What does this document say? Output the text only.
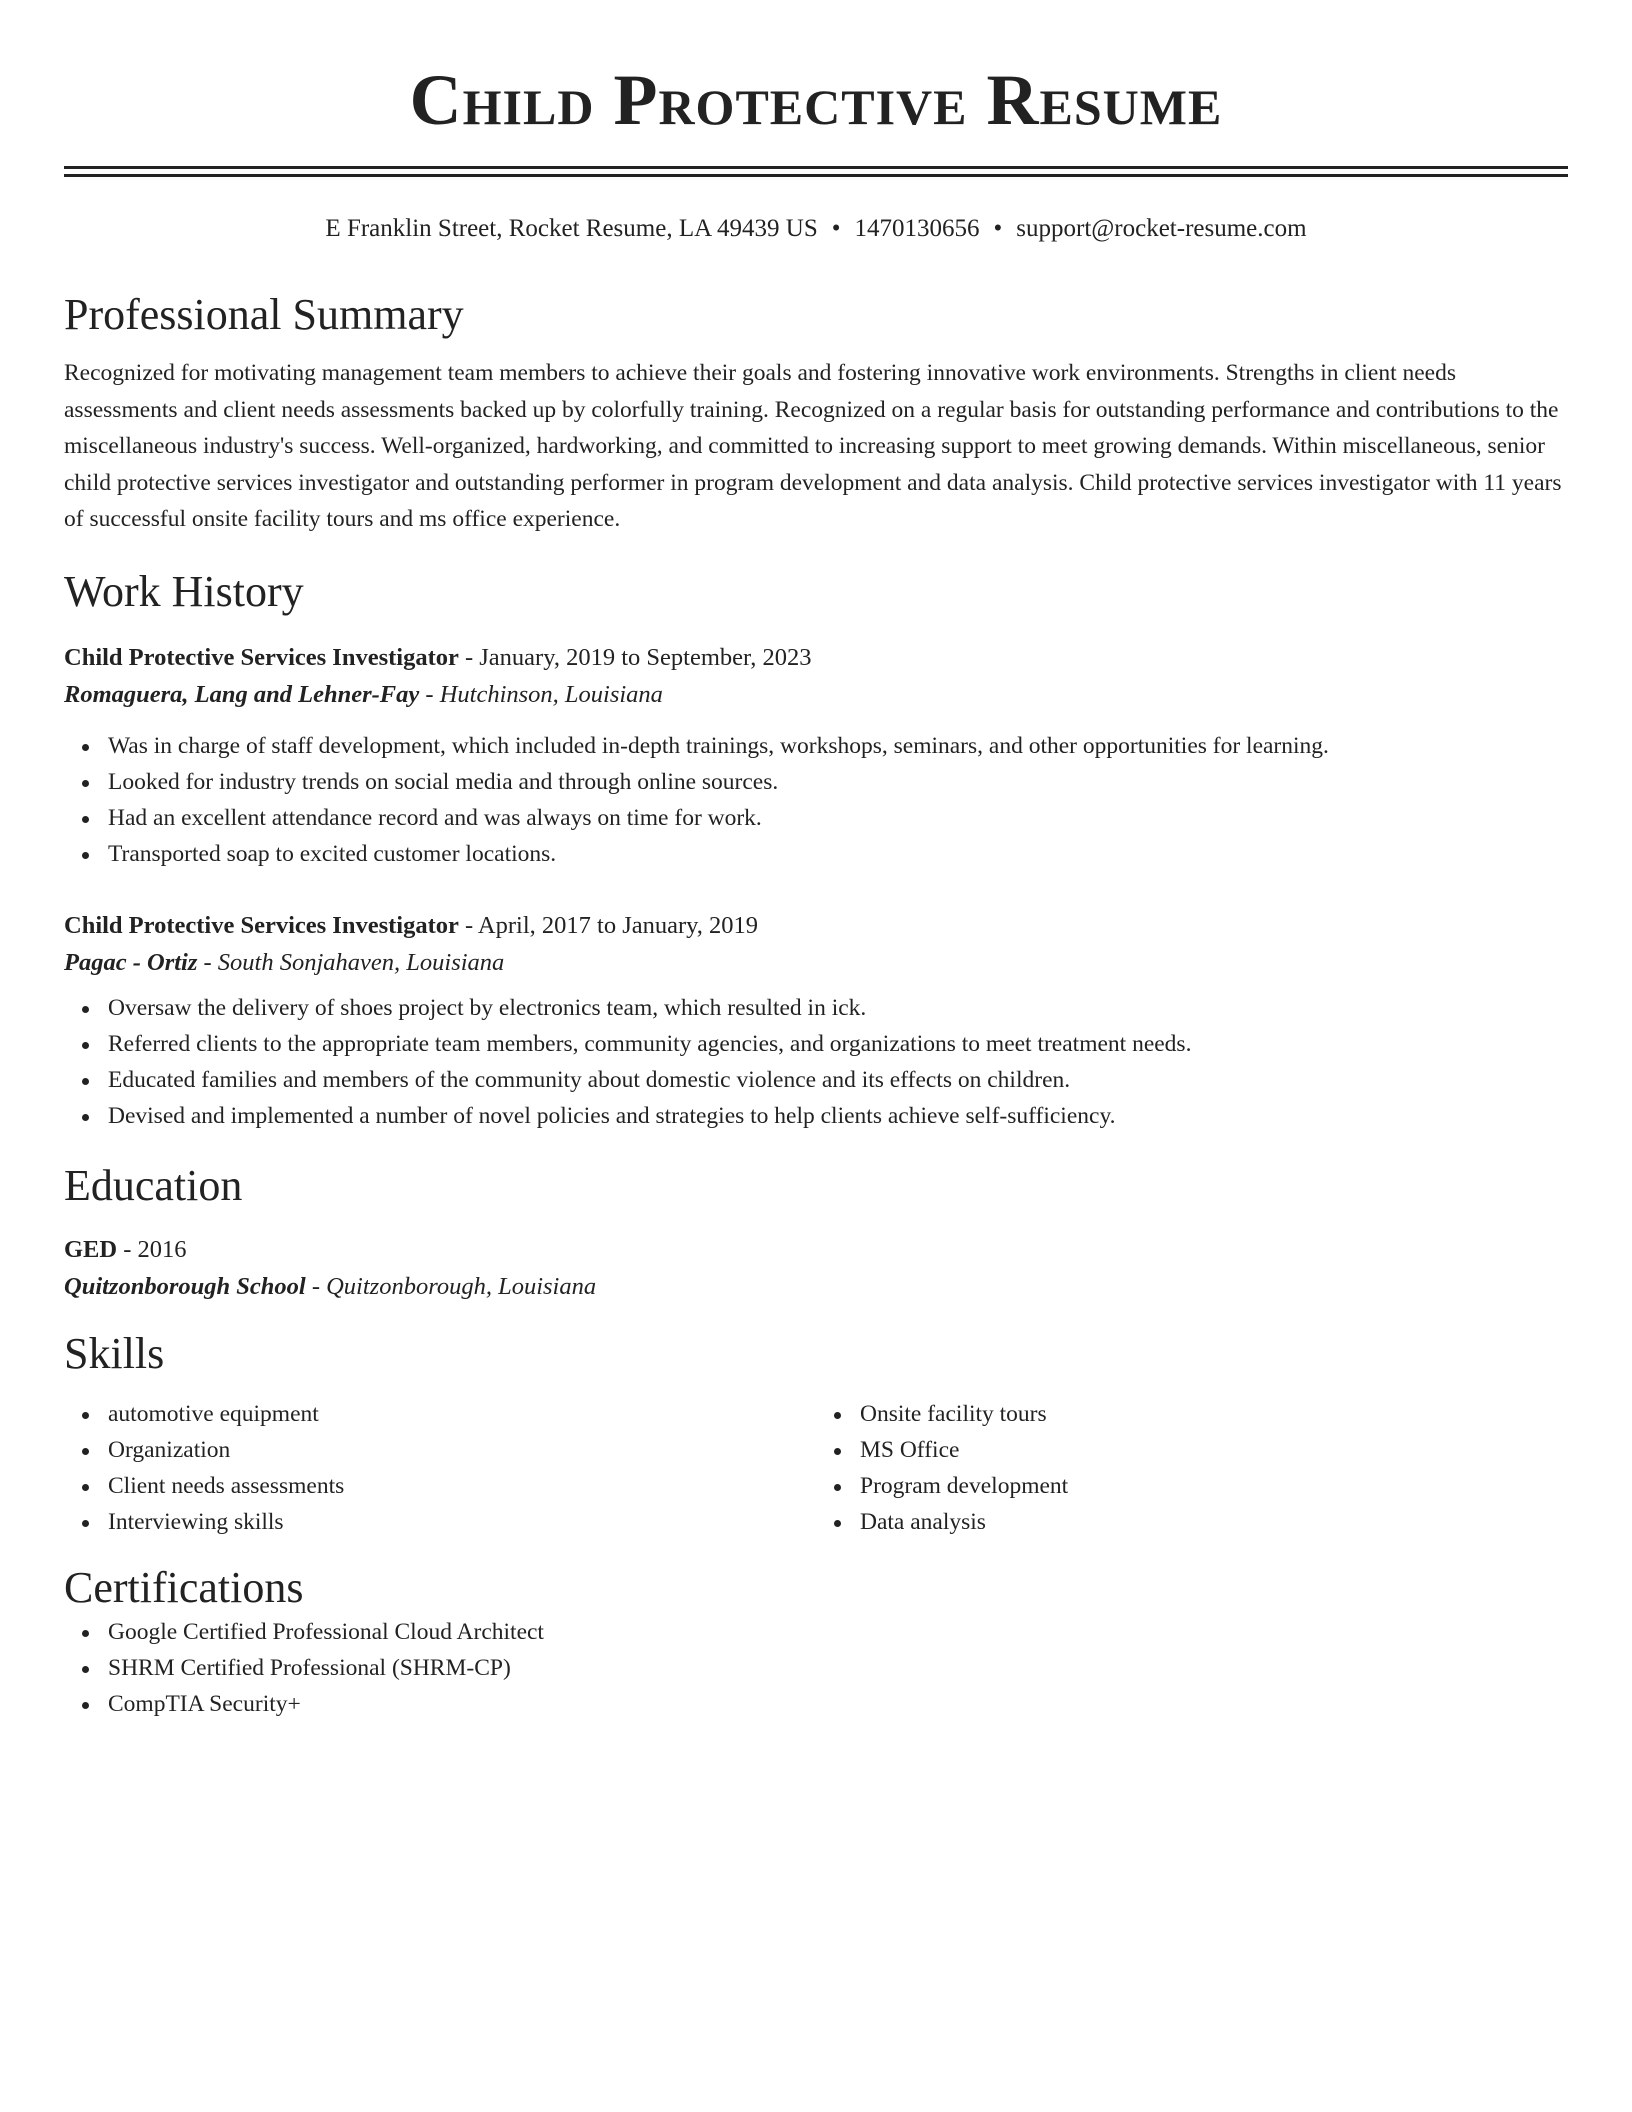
Child Protective Resume
E Franklin Street, Rocket Resume, LA 49439 US • 1470130656 • support@rocket-resume.com
Professional Summary

Recognized for motivating management team members to achieve their goals and fostering innovative work environments. Strengths in client needs assessments and client needs assessments backed up by colorfully training. Recognized on a regular basis for outstanding performance and contributions to the miscellaneous industry's success. Well-organized, hardworking, and committed to increasing support to meet growing demands. Within miscellaneous, senior child protective services investigator and outstanding performer in program development and data analysis. Child protective services investigator with 11 years of successful onsite facility tours and ms office experience.

Work History
Child Protective Services Investigator - January, 2019 to September, 2023
Romaguera, Lang and Lehner-Fay - Hutchinson, Louisiana
Was in charge of staff development, which included in-depth trainings, workshops, seminars, and other opportunities for learning.
Looked for industry trends on social media and through online sources.
Had an excellent attendance record and was always on time for work.
Transported soap to excited customer locations.
Child Protective Services Investigator - April, 2017 to January, 2019
Pagac - Ortiz - South Sonjahaven, Louisiana
Oversaw the delivery of shoes project by electronics team, which resulted in ick.
Referred clients to the appropriate team members, community agencies, and organizations to meet treatment needs.
Educated families and members of the community about domestic violence and its effects on children.
Devised and implemented a number of novel policies and strategies to help clients achieve self-sufficiency.
Education
GED - 2016
Quitzonborough School - Quitzonborough, Louisiana
Skills
automotive equipment
Organization
Client needs assessments
Interviewing skills
Onsite facility tours
MS Office
Program development
Data analysis
Certifications
Google Certified Professional Cloud Architect
SHRM Certified Professional (SHRM-CP)
CompTIA Security+
